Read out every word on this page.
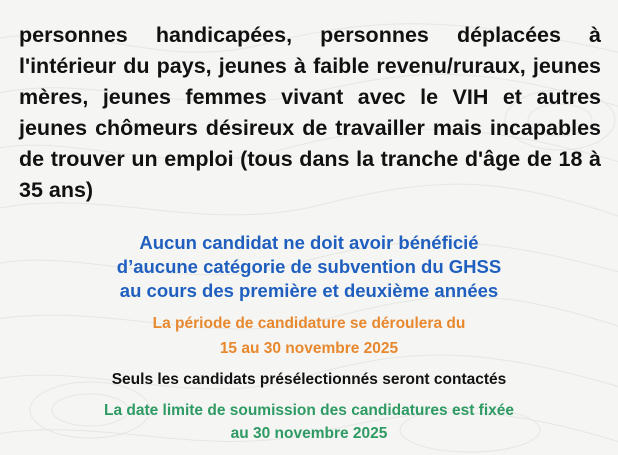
personnes handicapées, personnes déplacées à l'intérieur du pays, jeunes à faible revenu/ruraux, jeunes mères, jeunes femmes vivant avec le VIH et autres jeunes chômeurs désireux de travailler mais incapables de trouver un emploi (tous dans la tranche d'âge de 18 à 35 ans)

Aucun candidat ne doit avoir bénéficié

d’aucune catégorie de subvention du GHSS

au cours des première et deuxième années

La période de candidature se déroulera du

15 au 30 novembre 2025

Seuls les candidats présélectionnés seront contactés

La date limite de soumission des candidatures est fixée

au 30 novembre 2025
